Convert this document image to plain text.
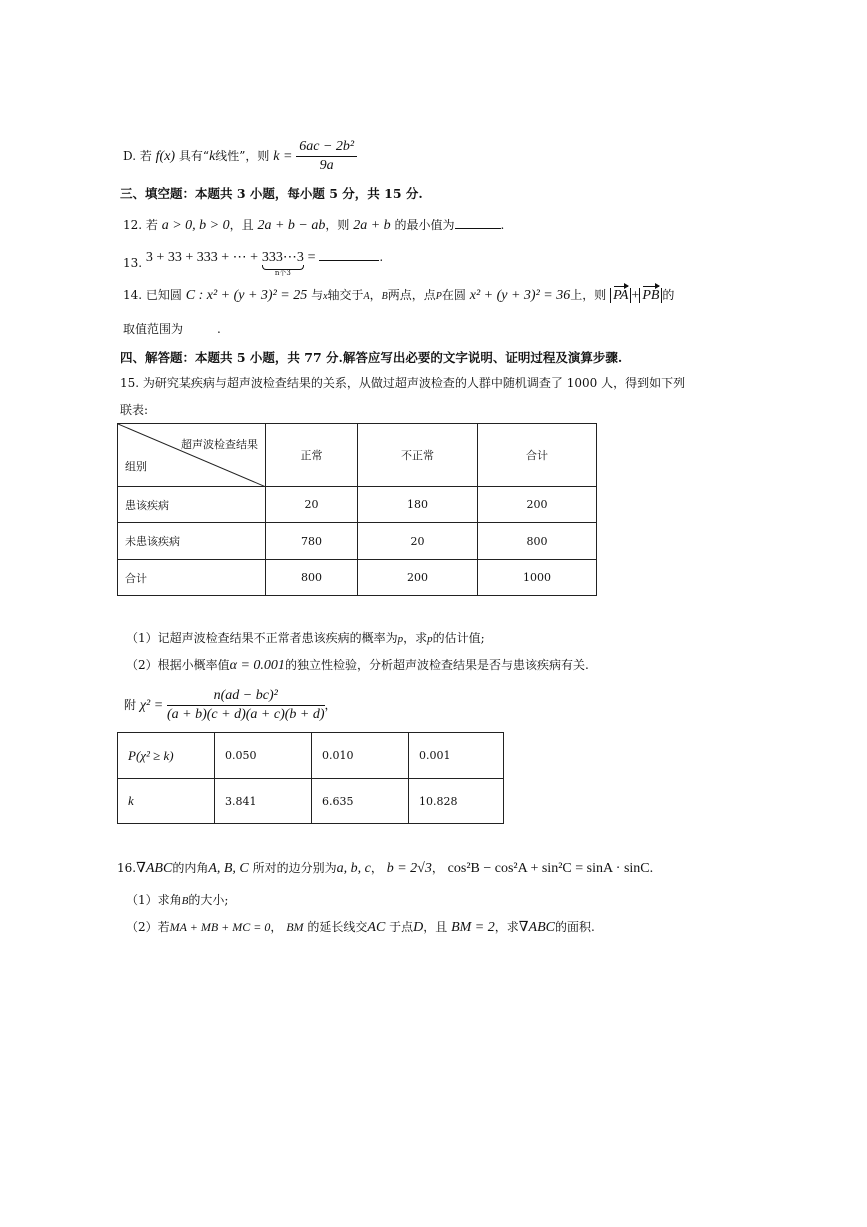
D. 若 f(x) 具有“k线性”，则 $k = \frac{\text{6ac − 2b²}}{9a}$
三、填空题：本题共 3 小题，每小题 5 分，共 15 分.
12. 若 a > 0, b > 0，且 2a + b − ab，则 2a + b 的最小值为	.
13. 3 + 33 + 333 + ⋯ + 333⋯3
n个3
=	.
14. 已知圆 C : x² + (y + 3)² = 25 与x轴交于A，B两点，点P在圆 x² + (y + 3)² = 36上，则 PA + PB 的
取值范围为	.
四、解答题：本题共 5 小题，共 77 分.解答应写出必要的文字说明、证明过程及演算步骤.
15. 为研究某疾病与超声波检查结果的关系，从做过超声波检查的人群中随机调查了 1000 人，得到如下列
联表:
超声波检查结果
组别	正常	不正常	合计
患该疾病	20	180	200
未患该疾病	780	20	800
合计	800	200	1000
（1）记超声波检查结果不正常者患该疾病的概率为p，求p的估计值;
（2）根据小概率值α = 0.001的独立性检验，分析超声波检查结果是否与患该疾病有关.
附 $\chi^2 = \frac{\text{n(ad − bc)²}}{(a + b)(c + d)(a + c)(b + d)}$ ，
P(χ² ≥ k)	0.050	0.010	0.001
k	3.841	6.635	10.828
16.∇ABC的内角A, B, C 所对的边分别为a, b, c， b = 2√3， cos²B − cos²A + sin²C = sinA · sinC.
（1）求角B的大小;
（2）若MA + MB + MC = 0， BM 的延长线交AC 于点D，且 BM = 2，求∇ABC的面积.
